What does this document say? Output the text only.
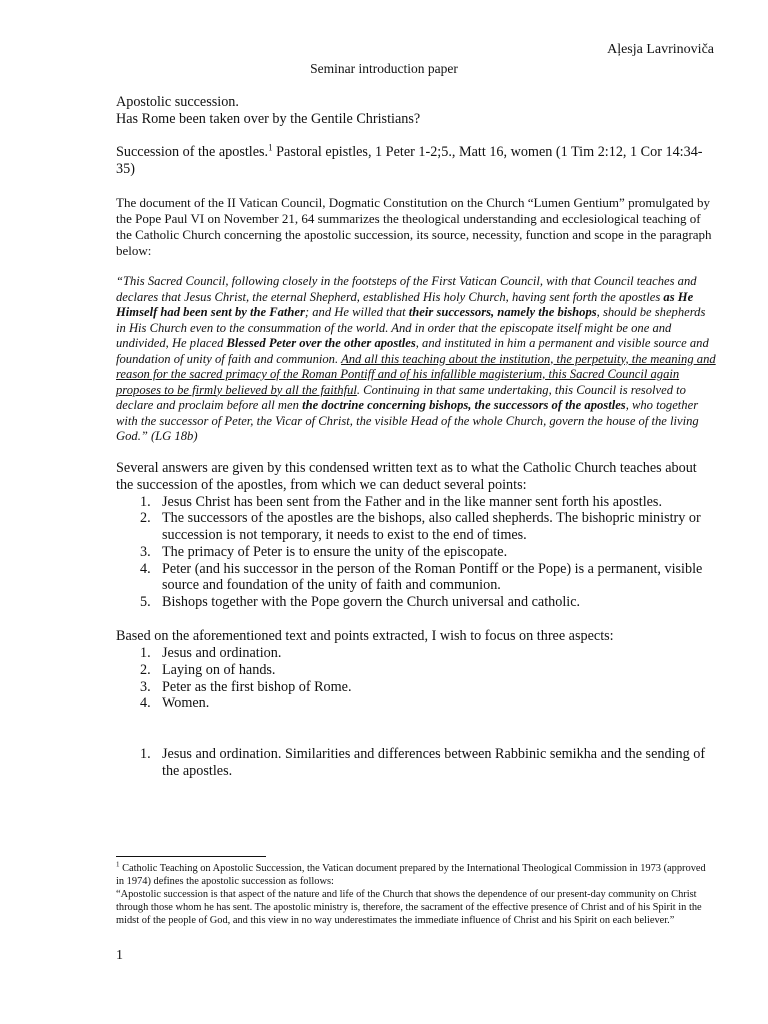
Aļesja Lavrinoviča
Seminar introduction paper

Apostolic succession.
Has Rome been taken over by the Gentile Christians?

Succession of the apostles.$^1$ Pastoral epistles, 1 Peter 1-2;5., Matt 16, women (1 Tim 2:12, 1 Cor 14:34-35)

The document of the II Vatican Council, Dogmatic Constitution on the Church “Lumen Gentium” promulgated by the Pope Paul VI on November 21, 64 summarizes the theological understanding and ecclesiological teaching of the Catholic Church concerning the apostolic succession, its source, necessity, function and scope in the paragraph below:

“This Sacred Council, following closely in the footsteps of the First Vatican Council, with that Council teaches and declares that Jesus Christ, the eternal Shepherd, established His holy Church, having sent forth the apostles as He Himself had been sent by the Father; and He willed that their successors, namely the bishops, should be shepherds in His Church even to the consummation of the world. And in order that the episcopate itself might be one and undivided, He placed Blessed Peter over the other apostles, and instituted in him a permanent and visible source and foundation of unity of faith and communion. And all this teaching about the institution, the perpetuity, the meaning and reason for the sacred primacy of the Roman Pontiff and of his infallible magisterium, this Sacred Council again proposes to be firmly believed by all the faithful. Continuing in that same undertaking, this Council is resolved to declare and proclaim before all men the doctrine concerning bishops, the successors of the apostles, who together with the successor of Peter, the Vicar of Christ, the visible Head of the whole Church, govern the house of the living God.” (LG 18b)

Several answers are given by this condensed written text as to what the Catholic Church teaches about the succession of the apostles, from which we can deduct several points:

1. Jesus Christ has been sent from the Father and in the like manner sent forth his apostles.
2. The successors of the apostles are the bishops, also called shepherds. The bishopric ministry or succession is not temporary, it needs to exist to the end of times.
3. The primacy of Peter is to ensure the unity of the episcopate.
4. Peter (and his successor in the person of the Roman Pontiff or the Pope) is a permanent, visible source and foundation of the unity of faith and communion.
5. Bishops together with the Pope govern the Church universal and catholic.

Based on the aforementioned text and points extracted, I wish to focus on three aspects:

1. Jesus and ordination.
2. Laying on of hands.
3. Peter as the first bishop of Rome.
4. Women.
1. Jesus and ordination. Similarities and differences between Rabbinic semikha and the sending of the apostles.

$^1$ Catholic Teaching on Apostolic Succession, the Vatican document prepared by the International Theological Commission in 1973 (approved in 1974) defines the apostolic succession as follows:

“Apostolic succession is that aspect of the nature and life of the Church that shows the dependence of our present-day community on Christ through those whom he has sent. The apostolic ministry is, therefore, the sacrament of the effective presence of Christ and of his Spirit in the midst of the people of God, and this view in no way underestimates the immediate influence of Christ and his Spirit on each believer.”

1
